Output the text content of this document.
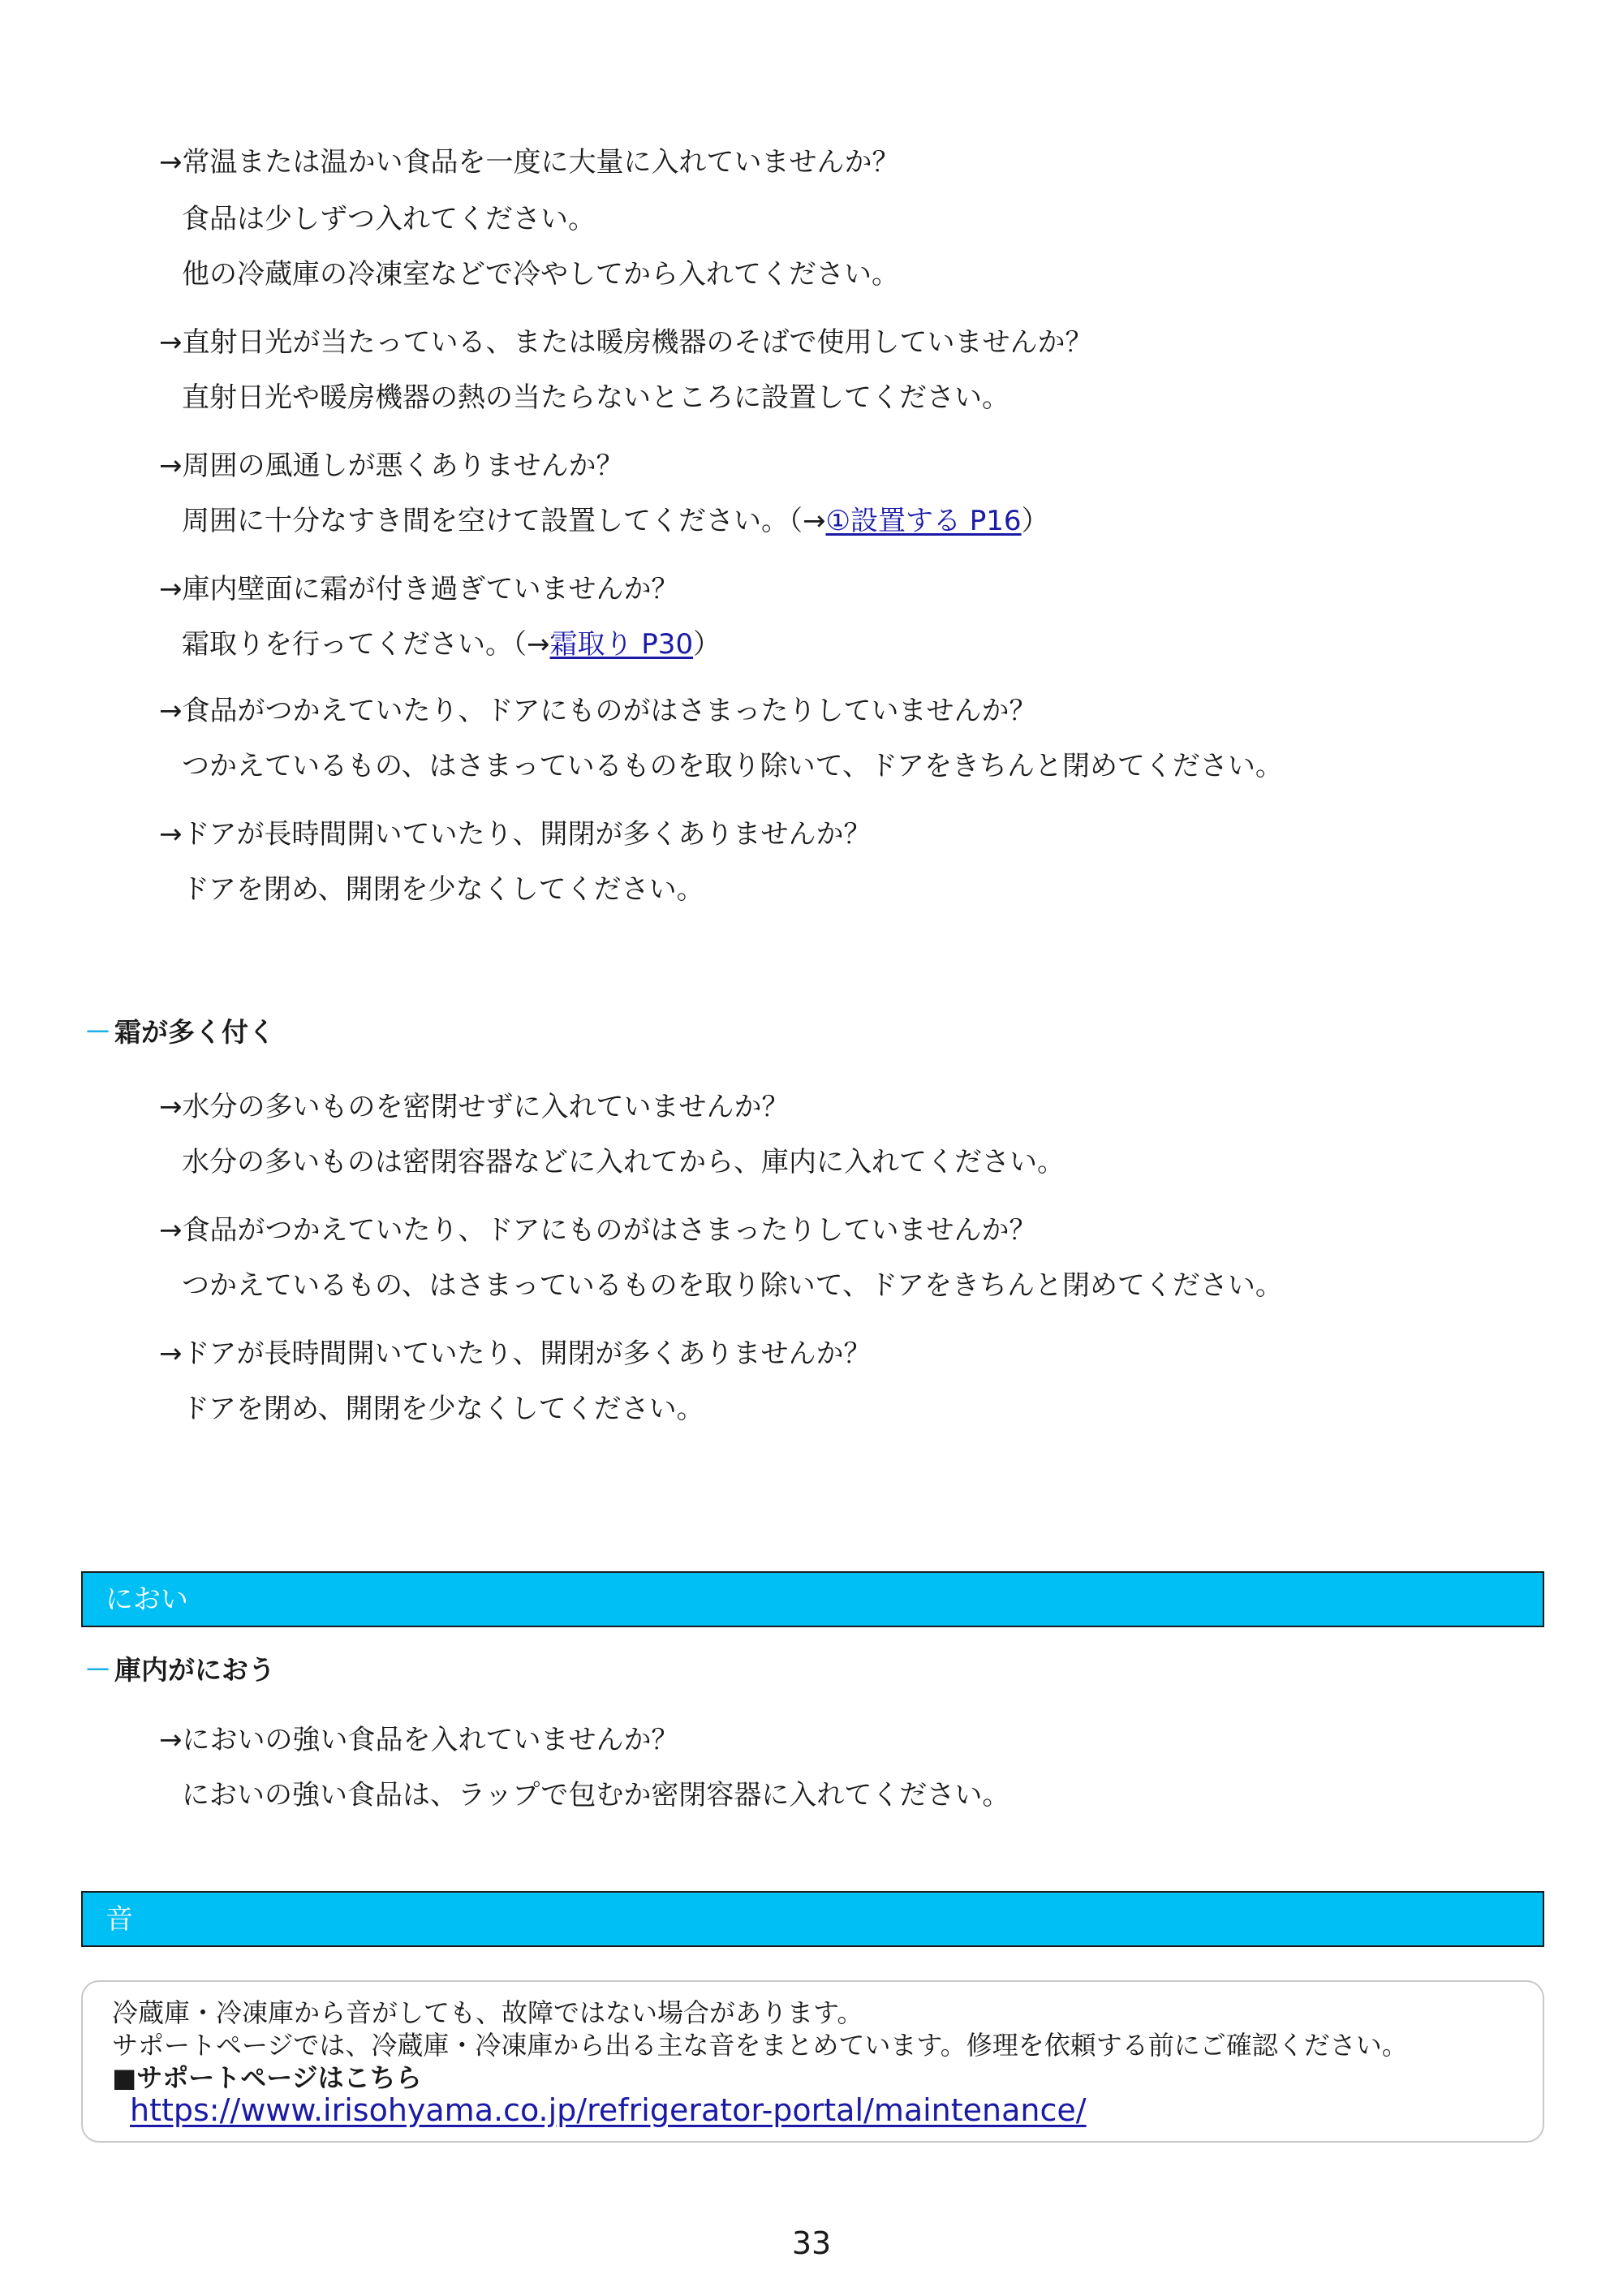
→常温または温かい食品を一度に大量に入れていませんか？
食品は少しずつ入れてください。
他の冷蔵庫の冷凍室などで冷やしてから入れてください。
→直射日光が当たっている、または暖房機器のそばで使用していませんか？
直射日光や暖房機器の熱の当たらないところに設置してください。
→周囲の風通しが悪くありませんか？
周囲に十分なすき間を空けて設置してください。（→①設置する P16）
→庫内壁面に霜が付き過ぎていませんか？
霜取りを行ってください。（→霜取り P30）
→食品がつかえていたり、ドアにものがはさまったりしていませんか？
つかえているもの、はさまっているものを取り除いて、ドアをきちんと閉めてください。
→ドアが長時間開いていたり、開閉が多くありませんか？
ドアを閉め、開閉を少なくしてください。
－ 霜が多く付く
→水分の多いものを密閉せずに入れていませんか？
水分の多いものは密閉容器などに入れてから、庫内に入れてください。
→食品がつかえていたり、ドアにものがはさまったりしていませんか？
つかえているもの、はさまっているものを取り除いて、ドアをきちんと閉めてください。
→ドアが長時間開いていたり、開閉が多くありませんか？
ドアを閉め、開閉を少なくしてください。
におい
－ 庫内がにおう
→においの強い食品を入れていませんか？
においの強い食品は、ラップで包むか密閉容器に入れてください。
音
冷蔵庫・冷凍庫から音がしても、故障ではない場合があります。
サポートページでは、冷蔵庫・冷凍庫から出る主な音をまとめています。修理を依頼する前にご確認ください。
■サポートページはこちら
https://www.irisohyama.co.jp/refrigerator-portal/maintenance/
33
